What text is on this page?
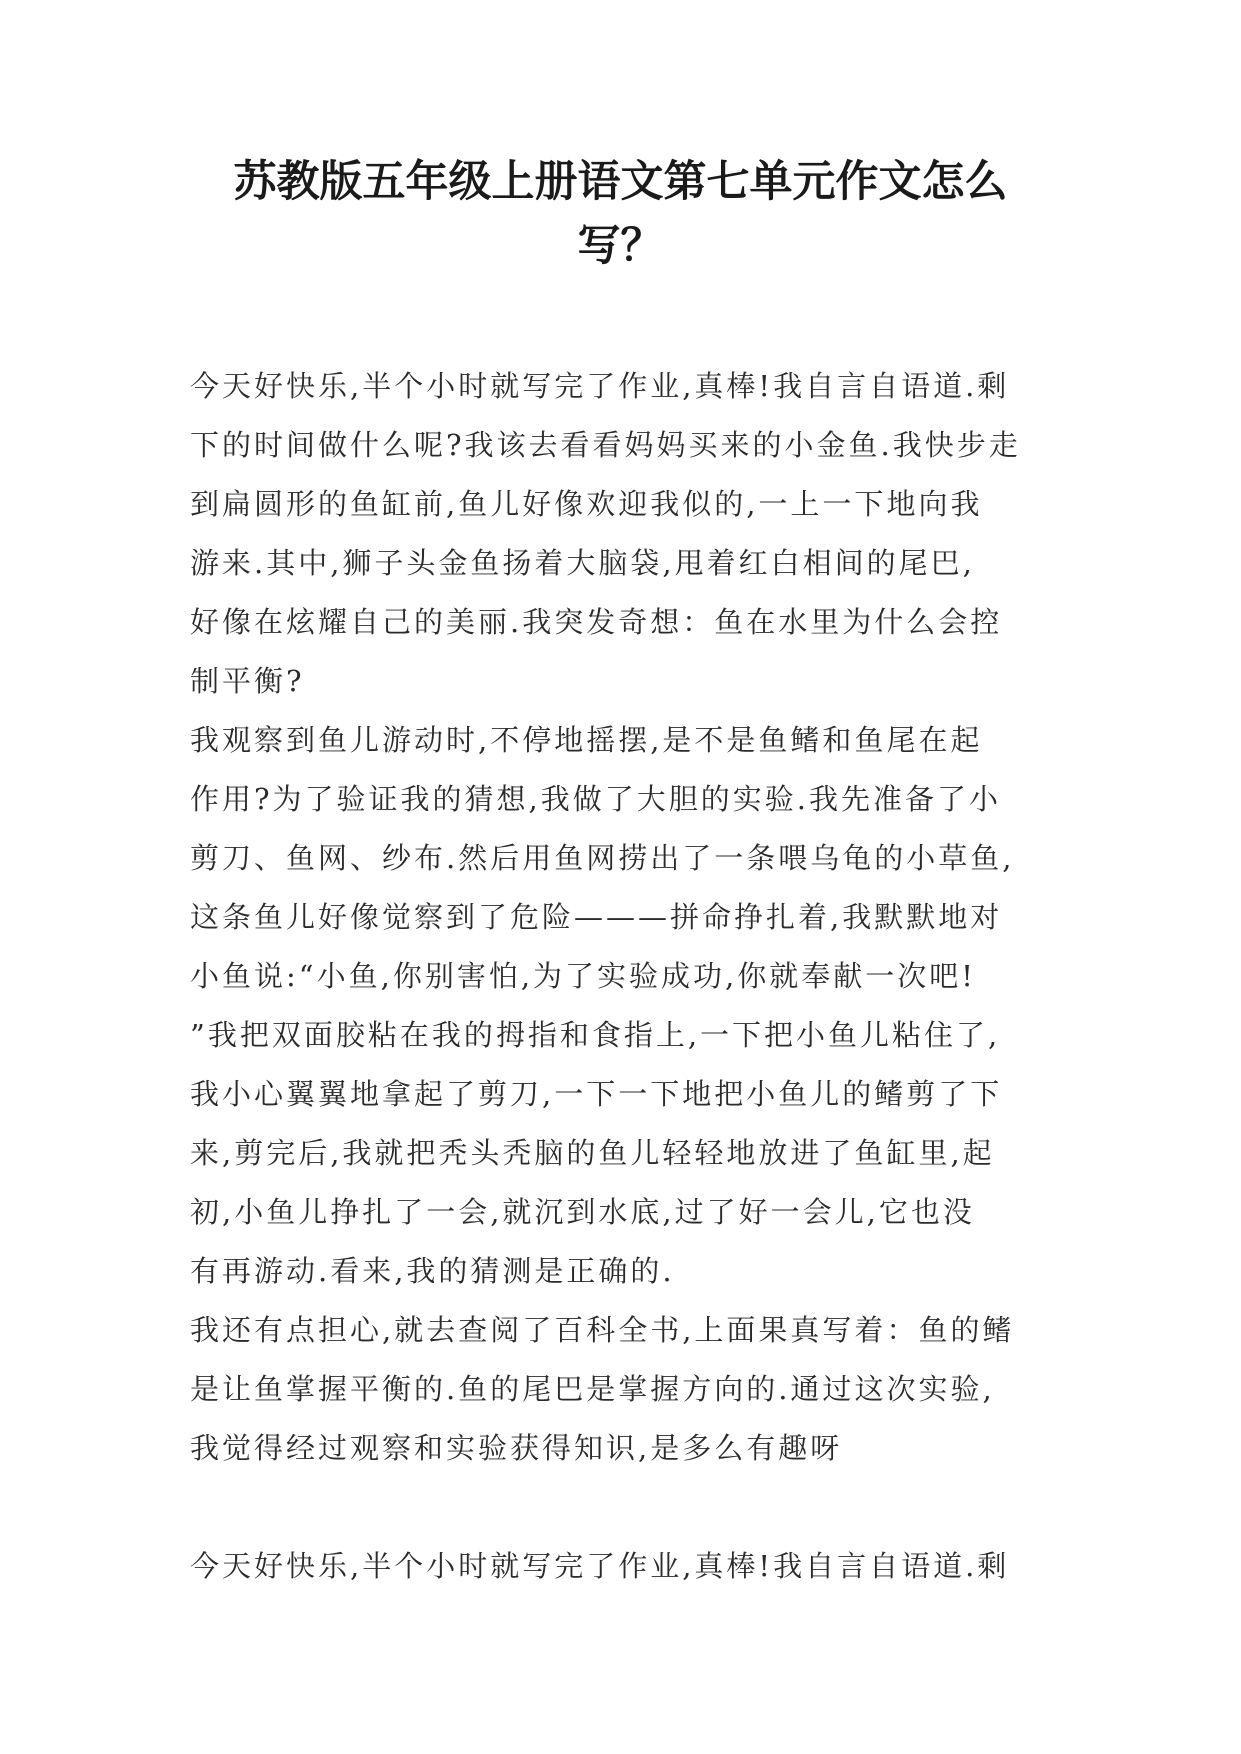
苏教版五年级上册语文第七单元作文怎么
写？
今天好快乐,半个小时就写完了作业,真棒!我自言自语道.剩
下的时间做什么呢?我该去看看妈妈买来的小金鱼.我快步走
到扁圆形的鱼缸前,鱼儿好像欢迎我似的,一上一下地向我
游来.其中,狮子头金鱼扬着大脑袋,甩着红白相间的尾巴,
好像在炫耀自己的美丽.我突发奇想：鱼在水里为什么会控
制平衡?
我观察到鱼儿游动时,不停地摇摆,是不是鱼鳍和鱼尾在起
作用?为了验证我的猜想,我做了大胆的实验.我先准备了小
剪刀、鱼网、纱布.然后用鱼网捞出了一条喂乌龟的小草鱼,
这条鱼儿好像觉察到了危险———拼命挣扎着,我默默地对
小鱼说:“小鱼,你别害怕,为了实验成功,你就奉献一次吧!
”我把双面胶粘在我的拇指和食指上,一下把小鱼儿粘住了,
我小心翼翼地拿起了剪刀,一下一下地把小鱼儿的鳍剪了下
来,剪完后,我就把秃头秃脑的鱼儿轻轻地放进了鱼缸里,起
初,小鱼儿挣扎了一会,就沉到水底,过了好一会儿,它也没
有再游动.看来,我的猜测是正确的.
我还有点担心,就去查阅了百科全书,上面果真写着：鱼的鳍
是让鱼掌握平衡的.鱼的尾巴是掌握方向的.通过这次实验,
我觉得经过观察和实验获得知识,是多么有趣呀
今天好快乐,半个小时就写完了作业,真棒!我自言自语道.剩
